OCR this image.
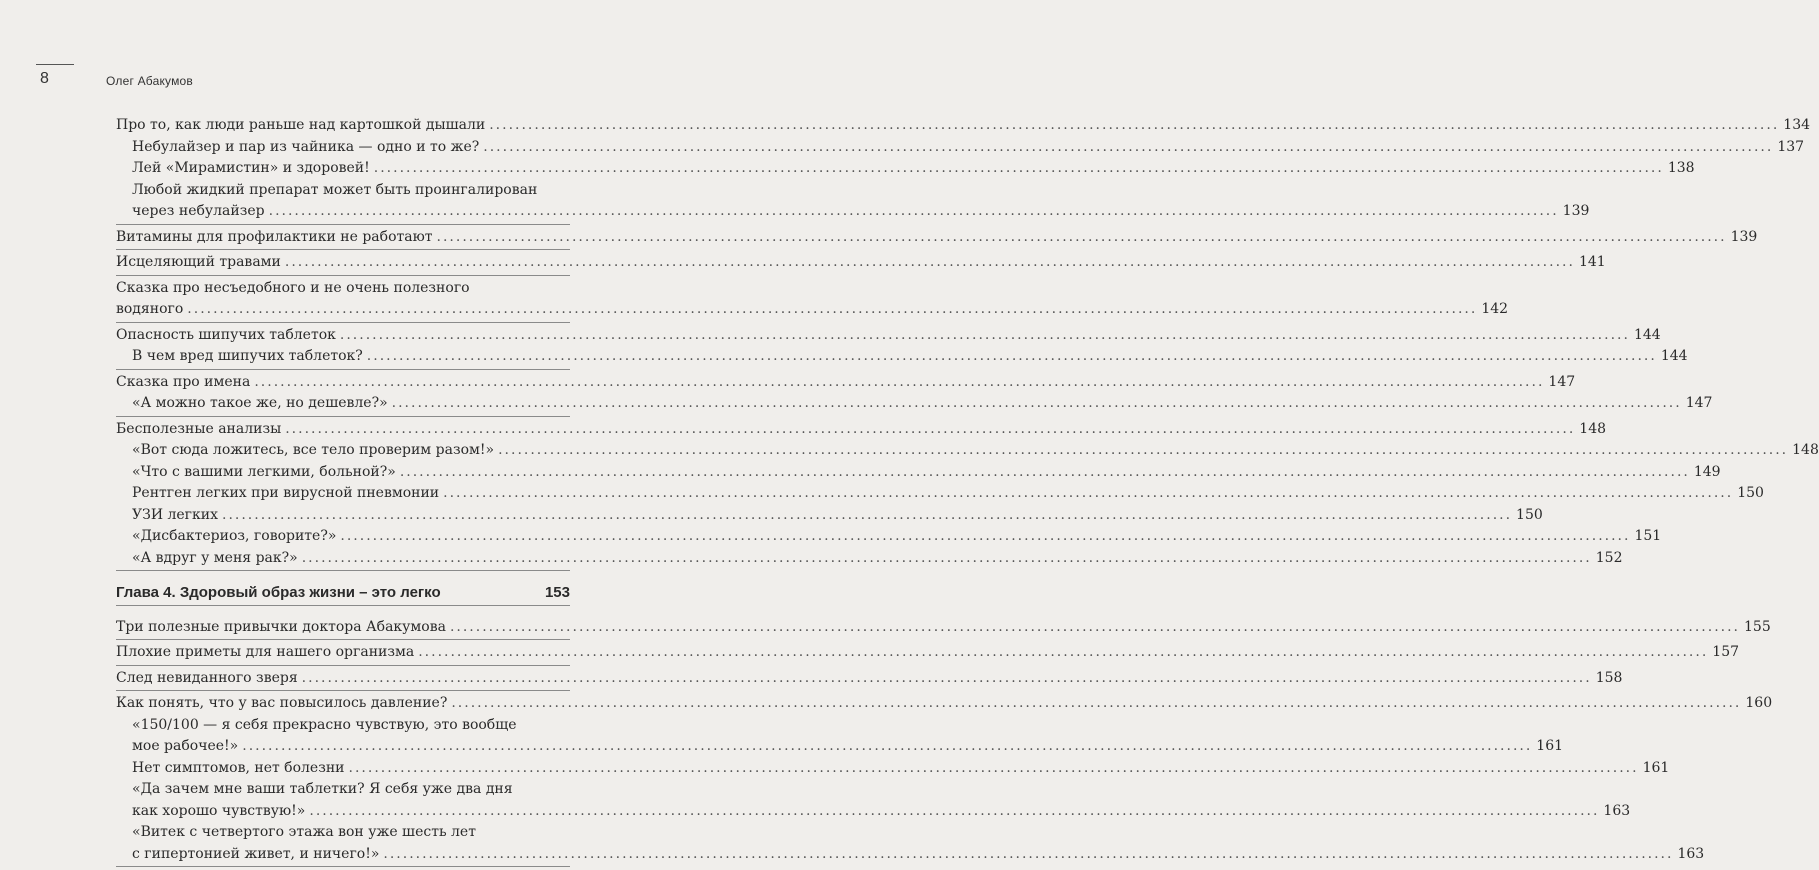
8	Олег Абакумов
Про то, как люди раньше над картошкой дышали ........................................................................................................................................................................................................ 134
Небулайзер и пар из чайника — одно и то же? ........................................................................................................................................................................................................ 137
Лей «Мирамистин» и здоровей! ........................................................................................................................................................................................................ 138
Любой жидкий препарат может быть проингалирован
через небулайзер ........................................................................................................................................................................................................ 139
Витамины для профилактики не работают ........................................................................................................................................................................................................ 139
Исцеляющий травами ........................................................................................................................................................................................................ 141
Сказка про несъедобного и не очень полезного
водяного ........................................................................................................................................................................................................ 142
Опасность шипучих таблеток ........................................................................................................................................................................................................ 144
В чем вред шипучих таблеток? ........................................................................................................................................................................................................ 144
Сказка про имена ........................................................................................................................................................................................................ 147
«А можно такое же, но дешевле?» ........................................................................................................................................................................................................ 147
Бесполезные анализы ........................................................................................................................................................................................................ 148
«Вот сюда ложитесь, все тело проверим разом!» ........................................................................................................................................................................................................ 148
«Что с вашими легкими, больной?» ........................................................................................................................................................................................................ 149
Рентген легких при вирусной пневмонии ........................................................................................................................................................................................................ 150
УЗИ легких ........................................................................................................................................................................................................ 150
«Дисбактериоз, говорите?» ........................................................................................................................................................................................................ 151
«А вдруг у меня рак?» ........................................................................................................................................................................................................ 152
Глава 4. Здоровый образ жизни – это легко	153
Три полезные привычки доктора Абакумова ........................................................................................................................................................................................................ 155
Плохие приметы для нашего организма ........................................................................................................................................................................................................ 157
След невиданного зверя ........................................................................................................................................................................................................ 158
Как понять, что у вас повысилось давление? ........................................................................................................................................................................................................ 160
«150/100 — я себя прекрасно чувствую, это вообще
мое рабочее!» ........................................................................................................................................................................................................ 161
Нет симптомов, нет болезни ........................................................................................................................................................................................................ 161
«Да зачем мне ваши таблетки? Я себя уже два дня
как хорошо чувствую!» ........................................................................................................................................................................................................ 163
«Витек с четвертого этажа вон уже шесть лет
с гипертонией живет, и ничего!» ........................................................................................................................................................................................................ 163
